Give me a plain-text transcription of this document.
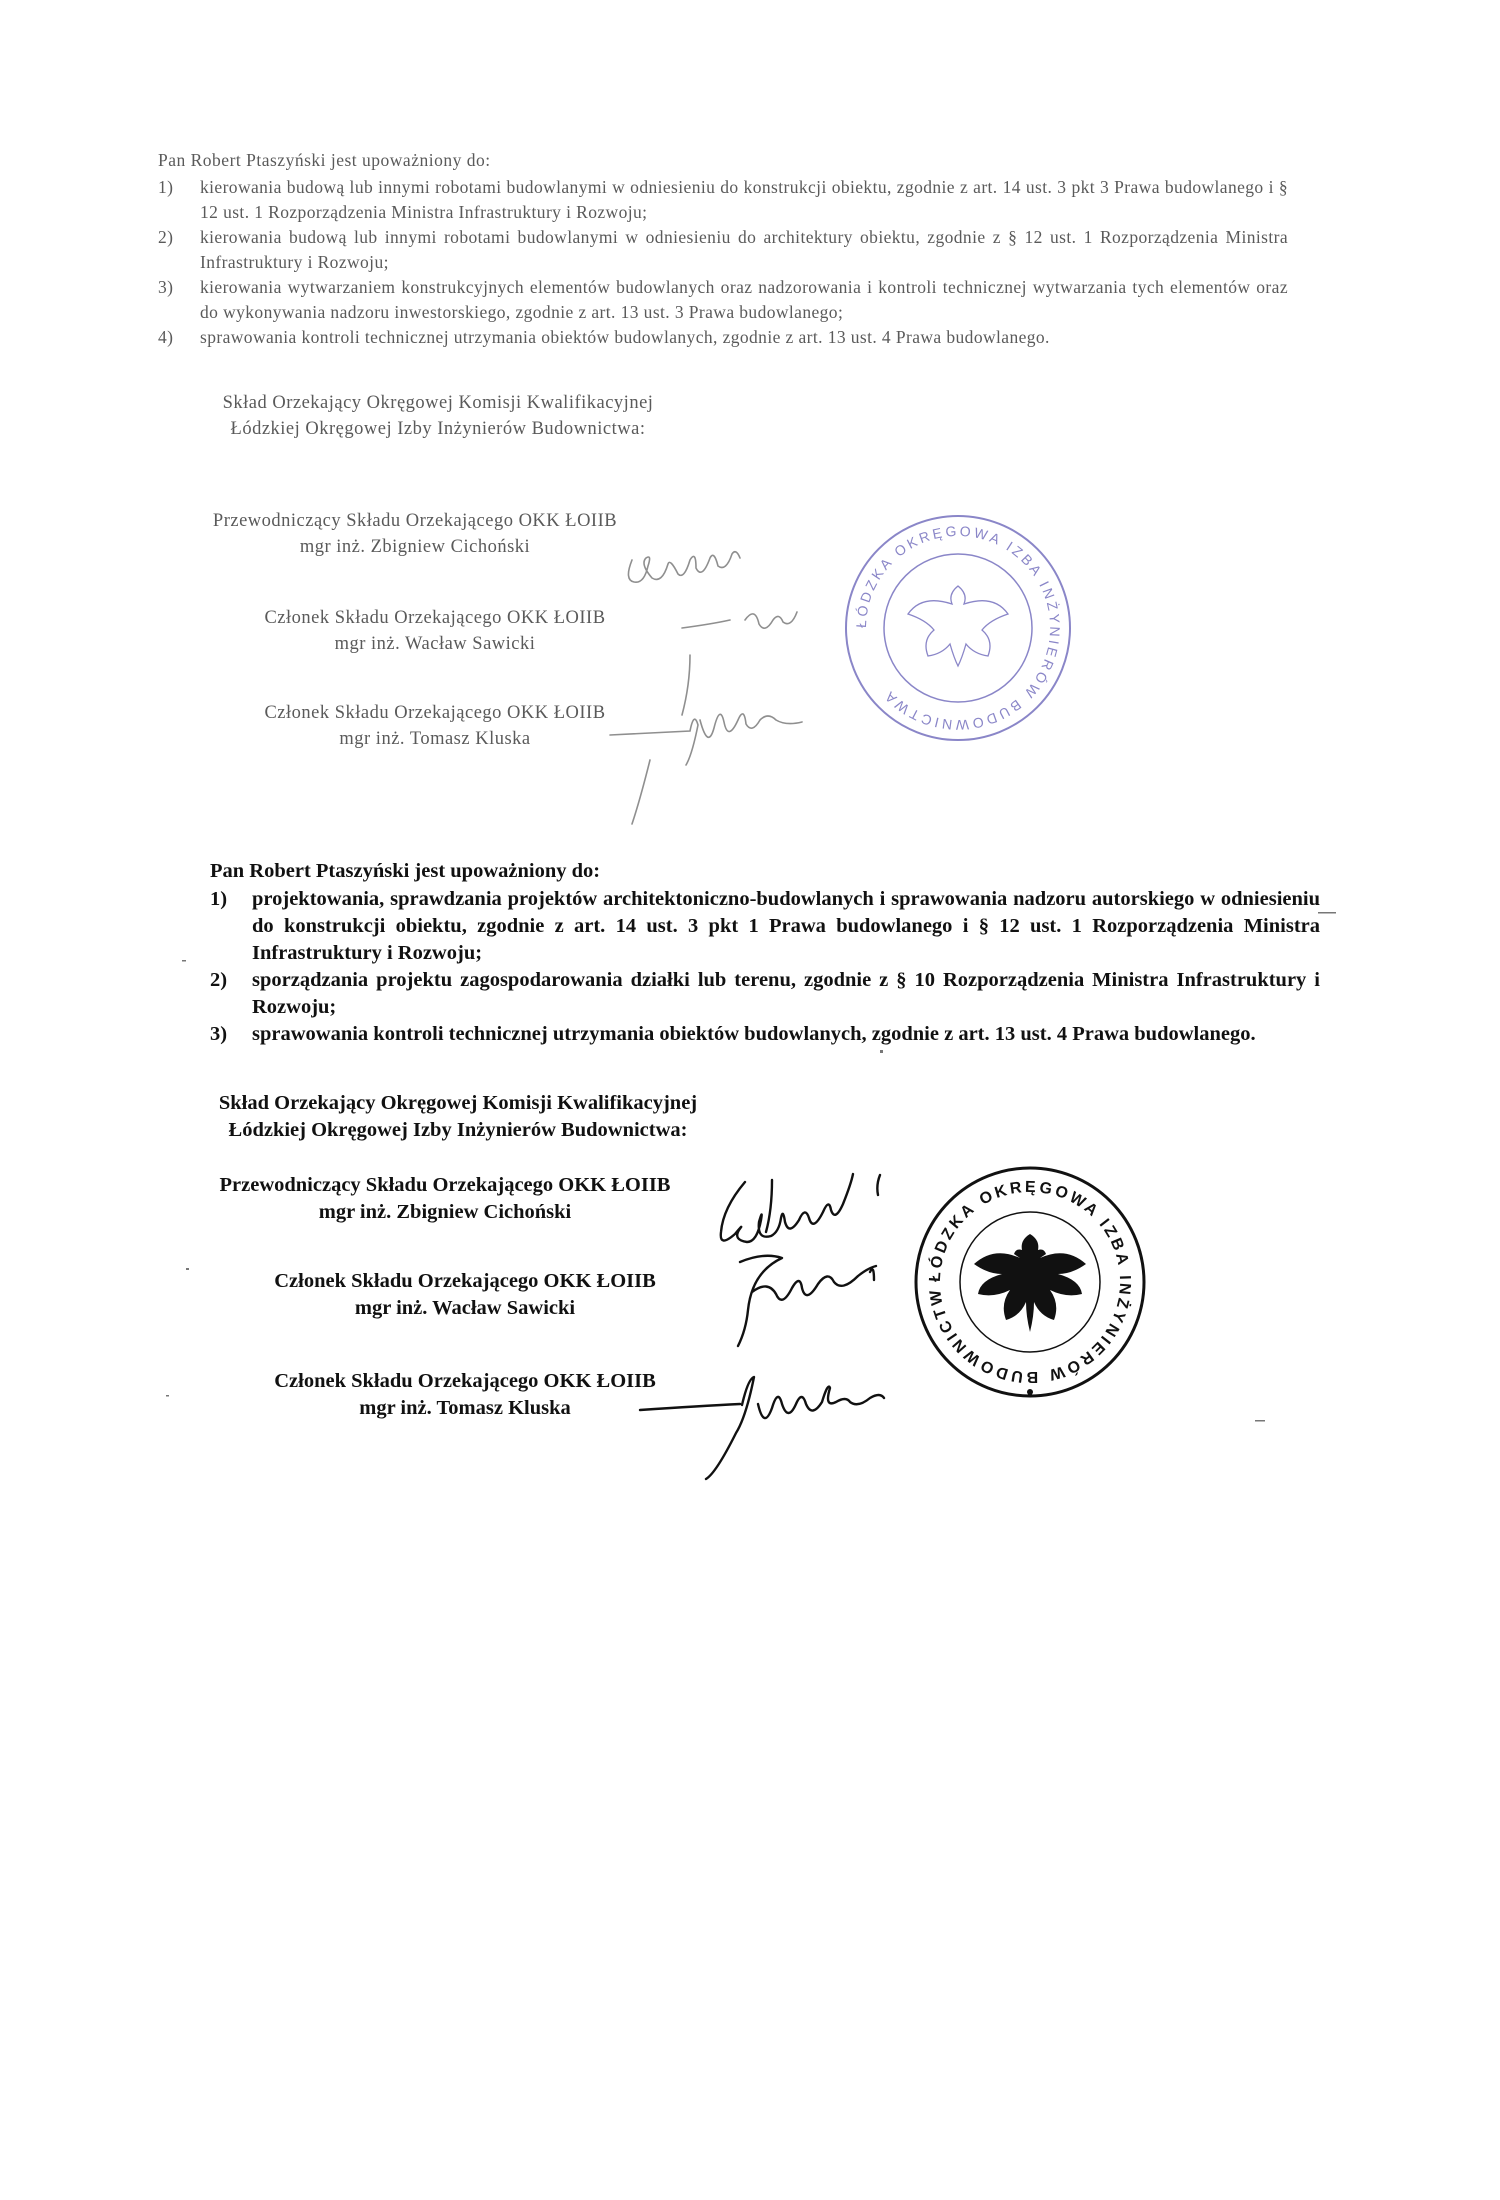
Pan Robert Ptaszyński jest upoważniony do:

1) kierowania budową lub innymi robotami budowlanymi w odniesieniu do konstrukcji obiektu, zgodnie z art. 14 ust. 3 pkt 3 Prawa budowlanego i § 12 ust. 1 Rozporządzenia Ministra Infrastruktury i Rozwoju;
2) kierowania budową lub innymi robotami budowlanymi w odniesieniu do architektury obiektu, zgodnie z § 12 ust. 1 Rozporządzenia Ministra Infrastruktury i Rozwoju;
3) kierowania wytwarzaniem konstrukcyjnych elementów budowlanych oraz nadzorowania i kontroli technicznej wytwarzania tych elementów oraz do wykonywania nadzoru inwestorskiego, zgodnie z art. 13 ust. 3 Prawa budowlanego;
4) sprawowania kontroli technicznej utrzymania obiektów budowlanych, zgodnie z art. 13 ust. 4 Prawa budowlanego.
Skład Orzekający Okręgowej Komisji Kwalifikacyjnej
Łódzkiej Okręgowej Izby Inżynierów Budownictwa:
Przewodniczący Składu Orzekającego OKK ŁOIIB
mgr inż. Zbigniew Cichoński
Członek Składu Orzekającego OKK ŁOIIB
mgr inż. Wacław Sawicki
Członek Składu Orzekającego OKK ŁOIIB
mgr inż. Tomasz Kluska
ŁÓDZKA OKRĘGOWA IZBA INŻYNIERÓW BUDOWNICTWA

Pan Robert Ptaszyński jest upoważniony do:

1) projektowania, sprawdzania projektów architektoniczno-budowlanych i sprawowania nadzoru autorskiego w odniesieniu do konstrukcji obiektu, zgodnie z art. 14 ust. 3 pkt 1 Prawa budowlanego i § 12 ust. 1 Rozporządzenia Ministra Infrastruktury i Rozwoju;
2) sporządzania projektu zagospodarowania działki lub terenu, zgodnie z § 10 Rozporządzenia Ministra Infrastruktury i Rozwoju;
3) sprawowania kontroli technicznej utrzymania obiektów budowlanych, zgodnie z art. 13 ust. 4 Prawa budowlanego.
Skład Orzekający Okręgowej Komisji Kwalifikacyjnej
Łódzkiej Okręgowej Izby Inżynierów Budownictwa:
Przewodniczący Składu Orzekającego OKK ŁOIIB
mgr inż. Zbigniew Cichoński
Członek Składu Orzekającego OKK ŁOIIB
mgr inż. Wacław Sawicki
Członek Składu Orzekającego OKK ŁOIIB
mgr inż. Tomasz Kluska
ŁÓDZKA OKRĘGOWA IZBA INŻYNIERÓW BUDOWNICTWA
